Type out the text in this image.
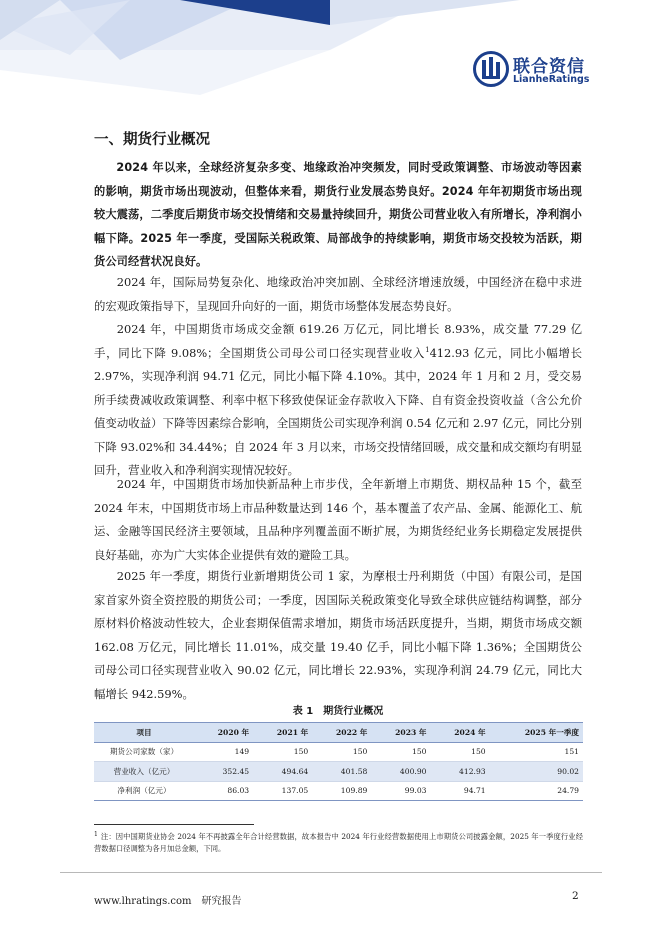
联合资信
LianheRatings
一、期货行业概况

2024 年以来，全球经济复杂多变、地缘政治冲突频发，同时受政策调整、市场波动等因素的影响，期货市场出现波动，但整体来看，期货行业发展态势良好。2024 年年初期货市场出现较大震荡，二季度后期货市场交投情绪和交易量持续回升，期货公司营业收入有所增长，净利润小幅下降。2025 年一季度，受国际关税政策、局部战争的持续影响，期货市场交投较为活跃，期货公司经营状况良好。

2024 年，国际局势复杂化、地缘政治冲突加剧、全球经济增速放缓，中国经济在稳中求进的宏观政策指导下，呈现回升向好的一面，期货市场整体发展态势良好。

2024 年，中国期货市场成交金额 619.26 万亿元，同比增长 8.93%，成交量 77.29 亿手，同比下降 9.08%；全国期货公司母公司口径实现营业收入$^1$412.93 亿元，同比小幅增长 2.97%，实现净利润 94.71 亿元，同比小幅下降 4.10%。其中，2024 年 1 月和 2 月，受交易所手续费减收政策调整、利率中枢下移致使保证金存款收入下降、自有资金投资收益（含公允价值变动收益）下降等因素综合影响，全国期货公司实现净利润 0.54 亿元和 2.97 亿元，同比分别下降 93.02%和 34.44%；自 2024 年 3 月以来，市场交投情绪回暖，成交量和成交额均有明显回升，营业收入和净利润实现情况较好。

2024 年，中国期货市场加快新品种上市步伐，全年新增上市期货、期权品种 15 个，截至 2024 年末，中国期货市场上市品种数量达到 146 个，基本覆盖了农产品、金属、能源化工、航运、金融等国民经济主要领域，且品种序列覆盖面不断扩展，为期货经纪业务长期稳定发展提供良好基础，亦为广大实体企业提供有效的避险工具。

2025 年一季度，期货行业新增期货公司 1 家，为摩根士丹利期货（中国）有限公司，是国家首家外资全资控股的期货公司；一季度，因国际关税政策变化导致全球供应链结构调整，部分原材料价格波动性较大，企业套期保值需求增加，期货市场活跃度提升，当期，期货市场成交额 162.08 万亿元，同比增长 11.01%，成交量 19.40 亿手，同比小幅下降 1.36%；全国期货公司母公司口径实现营业收入 90.02 亿元，同比增长 22.93%，实现净利润 24.79 亿元，同比大幅增长 942.59%。

表 1　期货行业概况
项目	2020 年	2021 年	2022 年	2023 年	2024 年	2025 年一季度
期货公司家数（家）	149	150	150	150	150	151
营业收入（亿元）	352.45	494.64	401.58	400.90	412.93	90.02
净利润（亿元）	86.03	137.05	109.89	99.03	94.71	24.79
$^1$ 注：因中国期货业协会 2024 年不再披露全年合计经营数据，故本报告中 2024 年行业经营数据使用上市期货公司披露金额，2025 年一季度行业经营数据口径调整为各月加总金额，下同。
www.lhratings.com 研究报告	2
